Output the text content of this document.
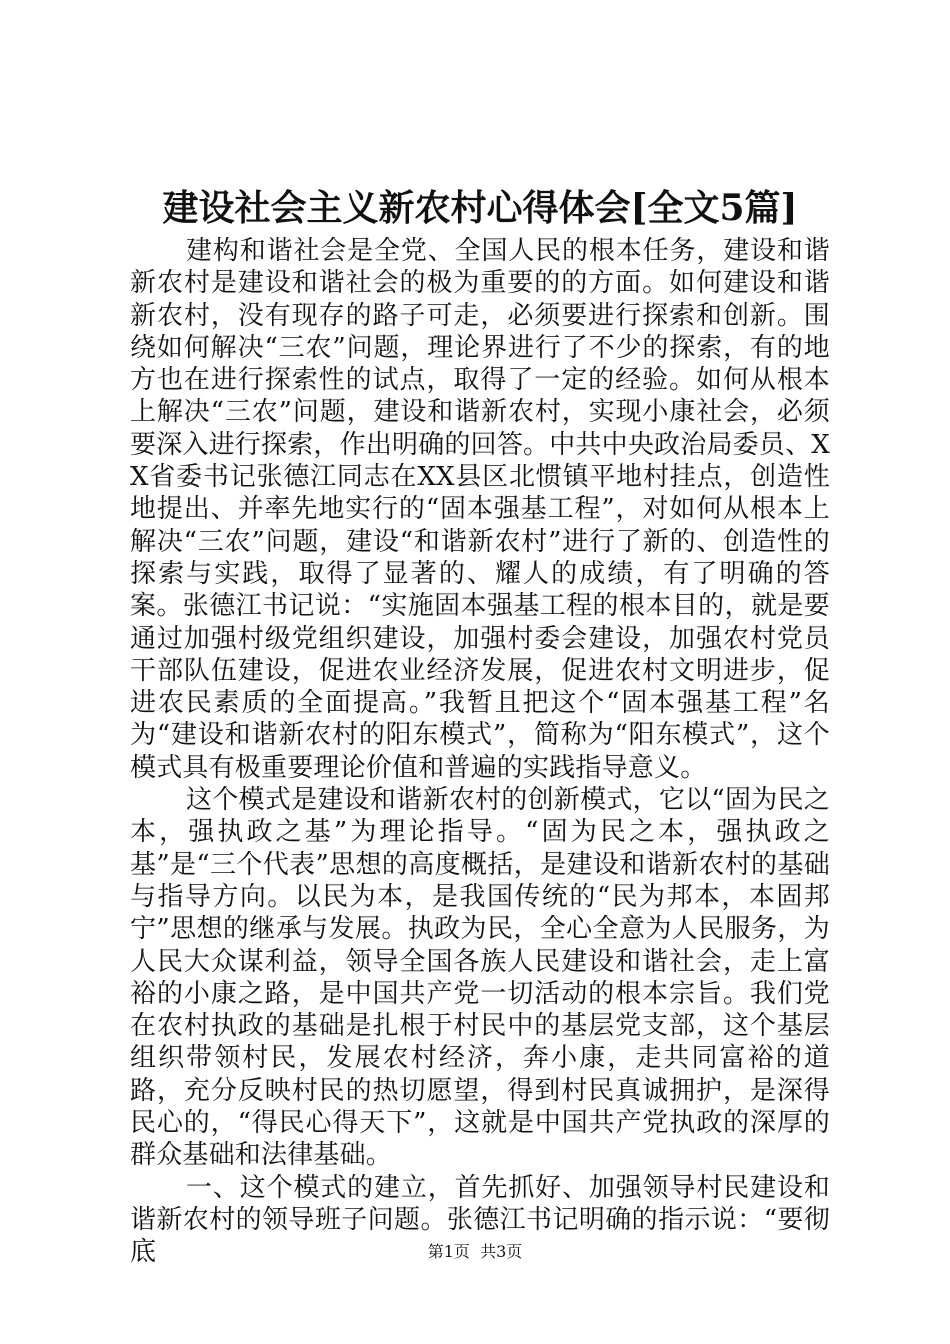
建设社会主义新农村心得体会[全文5篇]

建构和谐社会是全党、全国人民的根本任务，建设和谐新农村是建设和谐社会的极为重要的的方面。如何建设和谐新农村，没有现存的路子可走，必须要进行探索和创新。围绕如何解决“三农”问题，理论界进行了不少的探索，有的地方也在进行探索性的试点，取得了一定的经验。如何从根本上解决“三农”问题，建设和谐新农村，实现小康社会，必须要深入进行探索，作出明确的回答。中共中央政治局委员、XX省委书记张德江同志在XX县区北惯镇平地村挂点，创造性地提出、并率先地实行的“固本强基工程”，对如何从根本上解决“三农”问题，建设“和谐新农村”进行了新的、创造性的探索与实践，取得了显著的、耀人的成绩，有了明确的答案。张德江书记说：“实施固本强基工程的根本目的，就是要通过加强村级党组织建设，加强村委会建设，加强农村党员干部队伍建设，促进农业经济发展，促进农村文明进步，促进农民素质的全面提高。”我暂且把这个“固本强基工程”名为“建设和谐新农村的阳东模式”，简称为“阳东模式”，这个模式具有极重要理论价值和普遍的实践指导意义。

这个模式是建设和谐新农村的创新模式，它以“固为民之本，强执政之基”为理论指导。“固为民之本，强执政之基”是“三个代表”思想的高度概括，是建设和谐新农村的基础与指导方向。以民为本，是我国传统的“民为邦本，本固邦宁”思想的继承与发展。执政为民，全心全意为人民服务，为人民大众谋利益，领导全国各族人民建设和谐社会，走上富裕的小康之路，是中国共产党一切活动的根本宗旨。我们党在农村执政的基础是扎根于村民中的基层党支部，这个基层组织带领村民，发展农村经济，奔小康，走共同富裕的道路，充分反映村民的热切愿望，得到村民真诚拥护，是深得民心的，“得民心得天下”，这就是中国共产党执政的深厚的群众基础和法律基础。

一、这个模式的建立，首先抓好、加强领导村民建设和谐新农村的领导班子问题。张德江书记明确的指示说：“要彻底	第1页 共3页
